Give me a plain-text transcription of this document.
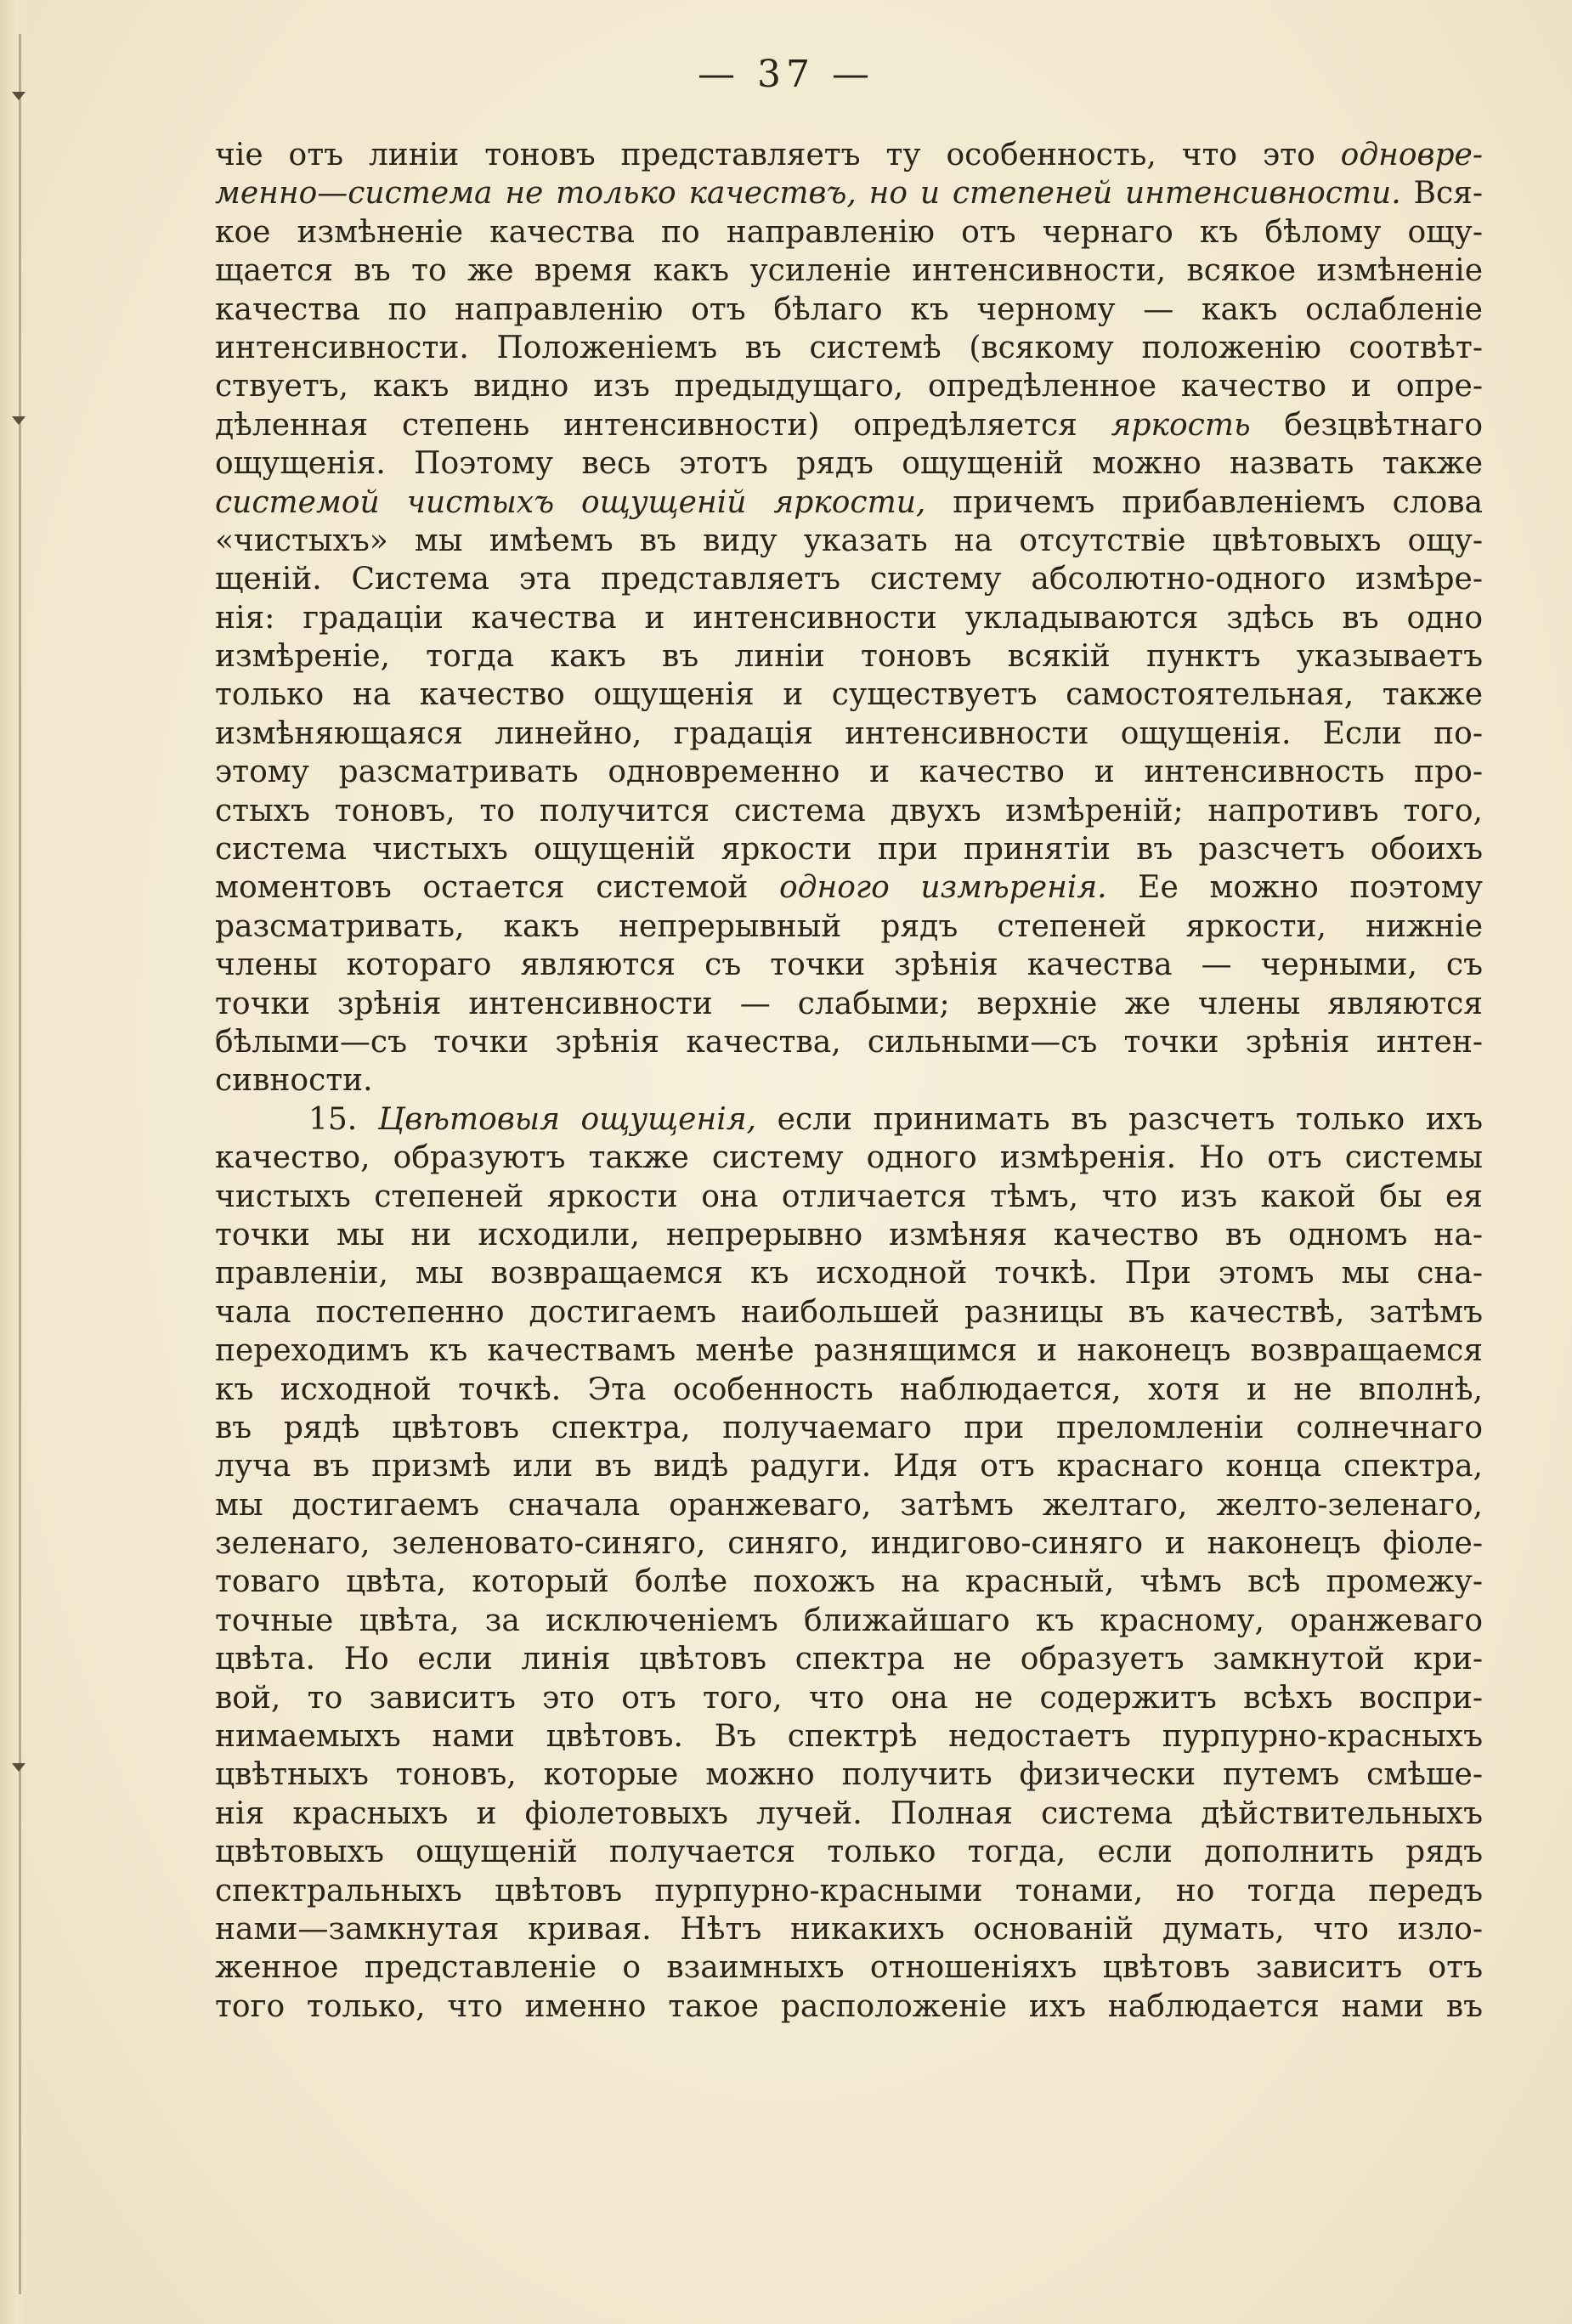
— 37 —
чіе отъ линіи тоновъ представляетъ ту особенность, что это одновре-
менно—система не только качествъ, но и степеней интенсивности. Вся-
кое измѣненіе качества по направленію отъ чернаго къ бѣлому ощу-
щается въ то же время какъ усиленіе интенсивности, всякое измѣненіе
качества по направленію отъ бѣлаго къ черному — какъ ослабленіе
интенсивности. Положеніемъ въ системѣ (всякому положенію соотвѣт-
ствуетъ, какъ видно изъ предыдущаго, опредѣленное качество и опре-
дѣленная степень интенсивности) опредѣляется яркость безцвѣтнаго
ощущенія. Поэтому весь этотъ рядъ ощущеній можно назвать также
системой чистыхъ ощущеній яркости, причемъ прибавленіемъ слова
«чистыхъ» мы имѣемъ въ виду указать на отсутствіе цвѣтовыхъ ощу-
щеній. Система эта представляетъ систему абсолютно-одного измѣре-
нія: градаціи качества и интенсивности укладываются здѣсь въ одно
измѣреніе, тогда какъ въ линіи тоновъ всякій пунктъ указываетъ
только на качество ощущенія и существуетъ самостоятельная, также
измѣняющаяся линейно, градація интенсивности ощущенія. Если по-
этому разсматривать одновременно и качество и интенсивность про-
стыхъ тоновъ, то получится система двухъ измѣреній; напротивъ того,
система чистыхъ ощущеній яркости при принятіи въ разсчетъ обоихъ
моментовъ остается системой одного измѣренія. Ее можно поэтому
разсматривать, какъ непрерывный рядъ степеней яркости, нижніе
члены котораго являются съ точки зрѣнія качества — черными, съ
точки зрѣнія интенсивности — слабыми; верхніе же члены являются
бѣлыми—съ точки зрѣнія качества, сильными—съ точки зрѣнія интен-
сивности.
15. Цвѣтовыя ощущенія, если принимать въ разсчетъ только ихъ
качество, образуютъ также систему одного измѣренія. Но отъ системы
чистыхъ степеней яркости она отличается тѣмъ, что изъ какой бы ея
точки мы ни исходили, непрерывно измѣняя качество въ одномъ на-
правленіи, мы возвращаемся къ исходной точкѣ. При этомъ мы сна-
чала постепенно достигаемъ наибольшей разницы въ качествѣ, затѣмъ
переходимъ къ качествамъ менѣе разнящимся и наконецъ возвращаемся
къ исходной точкѣ. Эта особенность наблюдается, хотя и не вполнѣ,
въ рядѣ цвѣтовъ спектра, получаемаго при преломленіи солнечнаго
луча въ призмѣ или въ видѣ радуги. Идя отъ краснаго конца спектра,
мы достигаемъ сначала оранжеваго, затѣмъ желтаго, желто-зеленаго,
зеленаго, зеленовато-синяго, синяго, индигово-синяго и наконецъ фіоле-
товаго цвѣта, который болѣе похожъ на красный, чѣмъ всѣ промежу-
точные цвѣта, за исключеніемъ ближайшаго къ красному, оранжеваго
цвѣта. Но если линія цвѣтовъ спектра не образуетъ замкнутой кри-
вой, то зависитъ это отъ того, что она не содержитъ всѣхъ воспри-
нимаемыхъ нами цвѣтовъ. Въ спектрѣ недостаетъ пурпурно-красныхъ
цвѣтныхъ тоновъ, которые можно получить физически путемъ смѣше-
нія красныхъ и фіолетовыхъ лучей. Полная система дѣйствительныхъ
цвѣтовыхъ ощущеній получается только тогда, если дополнить рядъ
спектральныхъ цвѣтовъ пурпурно-красными тонами, но тогда передъ
нами—замкнутая кривая. Нѣтъ никакихъ основаній думать, что изло-
женное представленіе о взаимныхъ отношеніяхъ цвѣтовъ зависитъ отъ
того только, что именно такое расположеніе ихъ наблюдается нами въ
